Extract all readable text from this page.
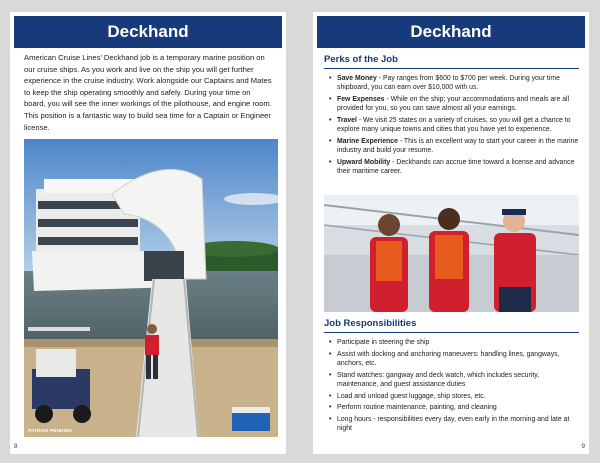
Deckhand

American Cruise Lines’ Deckhand job is a temporary marine position on our cruise ships. As you work and live on the ship you will get further experience in the cruise industry. Work alongside our Captains and Mates to keep the ship operating smoothly and safely. During your time on board, you will see the inner workings of the pilothouse, and engine room. This position is a fantastic way to build sea time for a Captain or Engineer license.

PATRICK PENDING
8
Deckhand
Perks of the Job
• Save Money - Pay ranges from $600 to $700 per week. During your time shipboard, you can earn over $10,000 with us.
• Few Expenses - While on the ship; your accommodations and meals are all provided for you, so you can save almost all your earnings.
• Travel - We visit 25 states on a variety of cruises, so you will get a chance to explore many unique towns and cities that you have yet to experience.
• Marine Experience - This is an excellent way to start your career in the marine industry and build your resume.
• Upward Mobility - Deckhands can accrue time toward a license and advance their maritime career.
Job Responsibilities
• Participate in steering the ship
• Assist with docking and anchoring maneuvers: handling lines, gangways, anchors, etc.
• Stand watches: gangway and deck watch, which includes security, maintenance, and guest assistance duties
• Load and unload guest luggage, ship stores, etc.
• Perform routine maintenance, painting, and cleaning
• Long hours - responsibilities every day, even early in the morning and late at night
9
